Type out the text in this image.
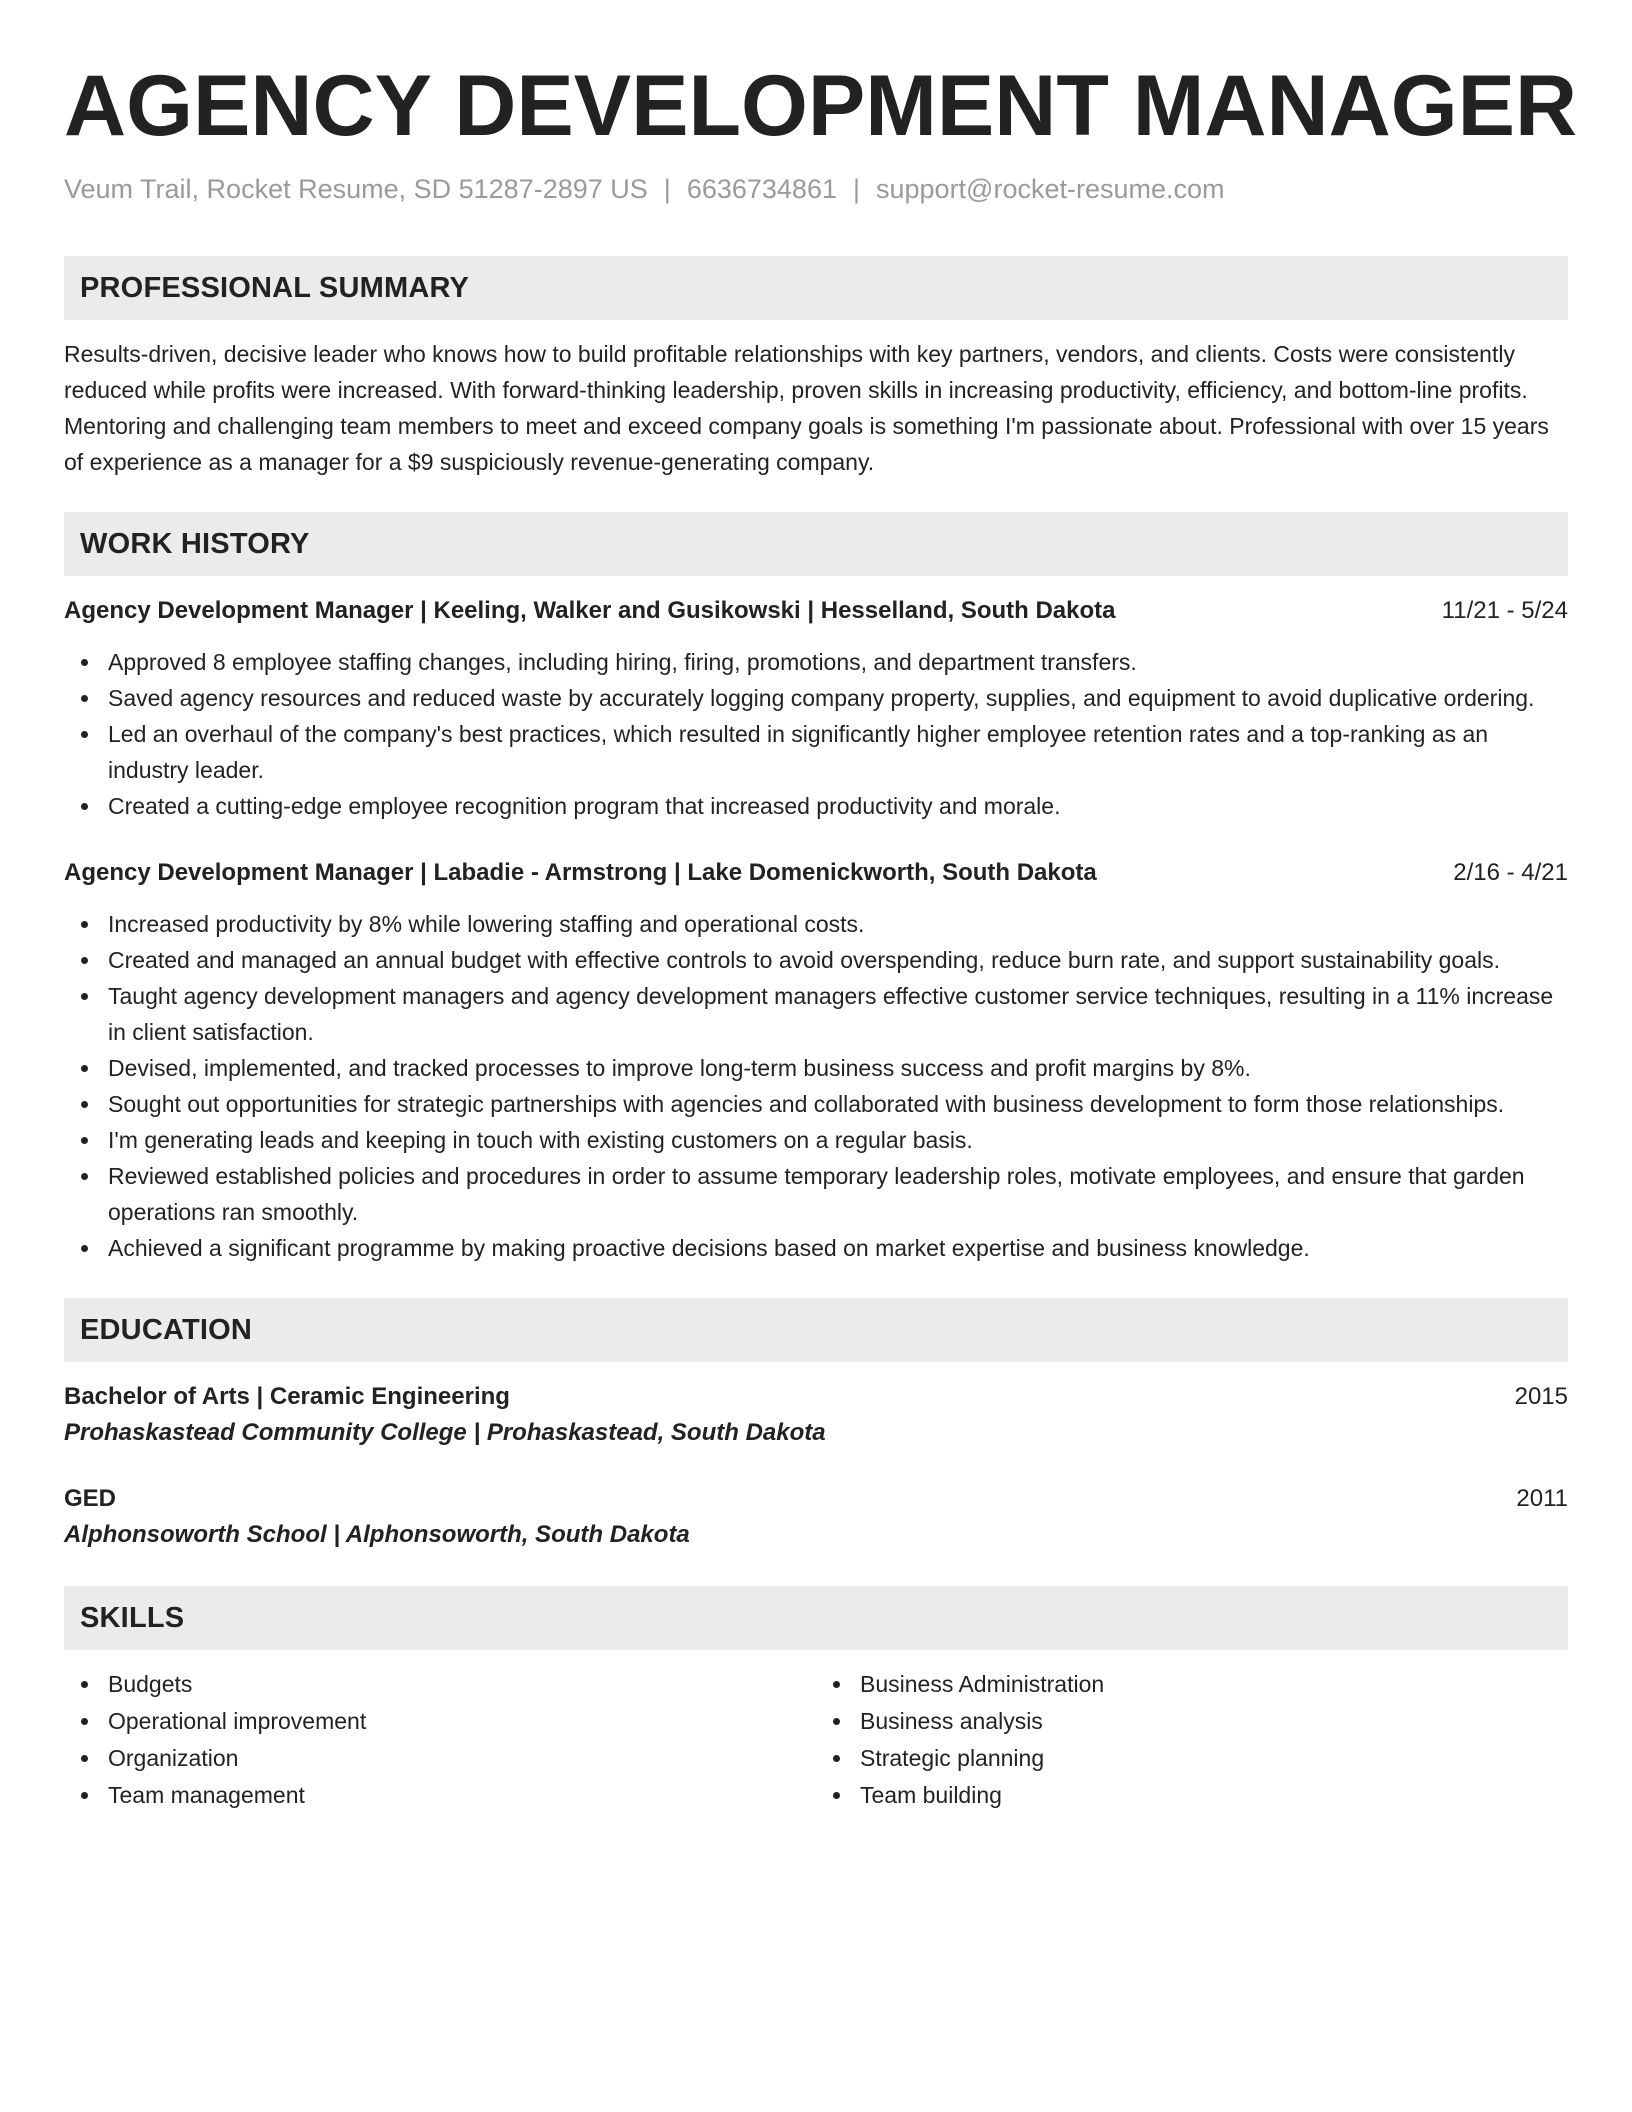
AGENCY DEVELOPMENT MANAGER
Veum Trail, Rocket Resume, SD 51287-2897 US | 6636734861 | support@rocket-resume.com
PROFESSIONAL SUMMARY
Results-driven, decisive leader who knows how to build profitable relationships with key partners, vendors, and clients. Costs were consistently reduced while profits were increased. With forward-thinking leadership, proven skills in increasing productivity, efficiency, and bottom-line profits. Mentoring and challenging team members to meet and exceed company goals is something I'm passionate about. Professional with over 15 years of experience as a manager for a $9 suspiciously revenue-generating company.
WORK HISTORY
Agency Development Manager | Keeling, Walker and Gusikowski | Hesselland, South Dakota	11/21 - 5/24
Approved 8 employee staffing changes, including hiring, firing, promotions, and department transfers.
Saved agency resources and reduced waste by accurately logging company property, supplies, and equipment to avoid duplicative ordering.
Led an overhaul of the company's best practices, which resulted in significantly higher employee retention rates and a top-ranking as an industry leader.
Created a cutting-edge employee recognition program that increased productivity and morale.
Agency Development Manager | Labadie - Armstrong | Lake Domenickworth, South Dakota	2/16 - 4/21
Increased productivity by 8% while lowering staffing and operational costs.
Created and managed an annual budget with effective controls to avoid overspending, reduce burn rate, and support sustainability goals.
Taught agency development managers and agency development managers effective customer service techniques, resulting in a 11% increase in client satisfaction.
Devised, implemented, and tracked processes to improve long-term business success and profit margins by 8%.
Sought out opportunities for strategic partnerships with agencies and collaborated with business development to form those relationships.
I'm generating leads and keeping in touch with existing customers on a regular basis.
Reviewed established policies and procedures in order to assume temporary leadership roles, motivate employees, and ensure that garden operations ran smoothly.
Achieved a significant programme by making proactive decisions based on market expertise and business knowledge.
EDUCATION
Bachelor of Arts | Ceramic Engineering	2015
Prohaskastead Community College | Prohaskastead, South Dakota
GED	2011
Alphonsoworth School | Alphonsoworth, South Dakota
SKILLS
Budgets
Operational improvement
Organization
Team management
Business Administration
Business analysis
Strategic planning
Team building
